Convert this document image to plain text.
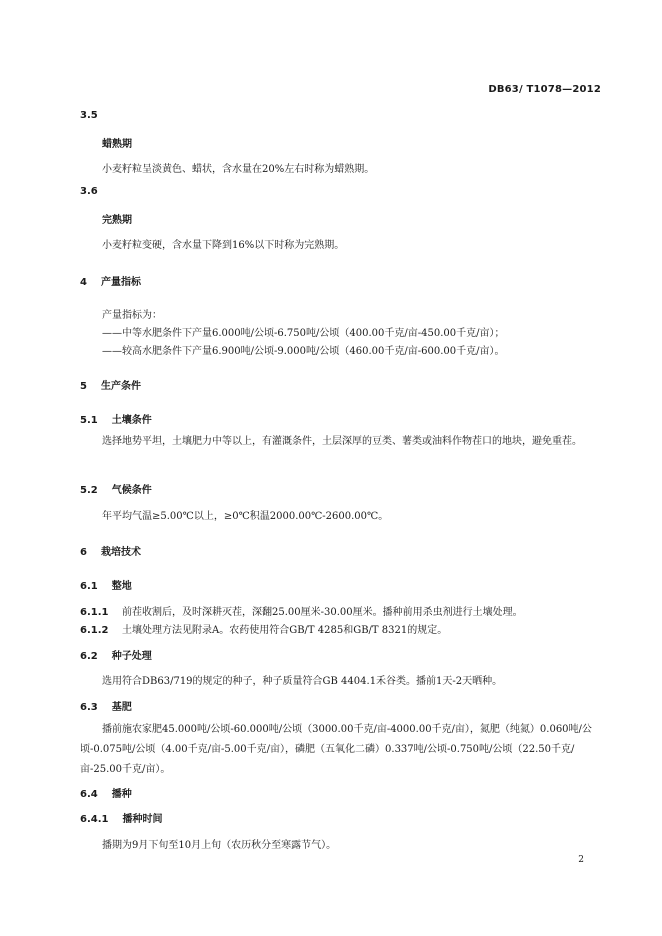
DB63/ T1078—2012
3.5
蜡熟期
小麦籽粒呈淡黄色、蜡状，含水量在20%左右时称为蜡熟期。
3.6
完熟期
小麦籽粒变硬，含水量下降到16%以下时称为完熟期。
4 产量指标
产量指标为：
——中等水肥条件下产量6.000吨/公顷-6.750吨/公顷（400.00千克/亩-450.00千克/亩）；
——较高水肥条件下产量6.900吨/公顷-9.000吨/公顷（460.00千克/亩-600.00千克/亩）。
5 生产条件
5.1 土壤条件
选择地势平坦，土壤肥力中等以上，有灌溉条件，土层深厚的豆类、薯类或油料作物茬口的地块，避免重茬。
5.2 气候条件
年平均气温≥5.00℃以上，≥0℃积温2000.00℃-2600.00℃。
6 栽培技术
6.1 整地
6.1.1 前茬收割后，及时深耕灭茬，深翻25.00厘米-30.00厘米。播种前用杀虫剂进行土壤处理。
6.1.2 土壤处理方法见附录A。农药使用符合GB/T 4285和GB/T 8321的规定。
6.2 种子处理
选用符合DB63/719的规定的种子，种子质量符合GB 4404.1禾谷类。播前1天-2天晒种。
6.3 基肥
播前施农家肥45.000吨/公顷-60.000吨/公顷（3000.00千克/亩-4000.00千克/亩），氮肥（纯氮）0.060吨/公顷-0.075吨/公顷（4.00千克/亩-5.00千克/亩），磷肥（五氧化二磷）0.337吨/公顷-0.750吨/公顷（22.50千克/亩-25.00千克/亩）。
6.4 播种
6.4.1 播种时间
播期为9月下旬至10月上旬（农历秋分至寒露节气）。
2
